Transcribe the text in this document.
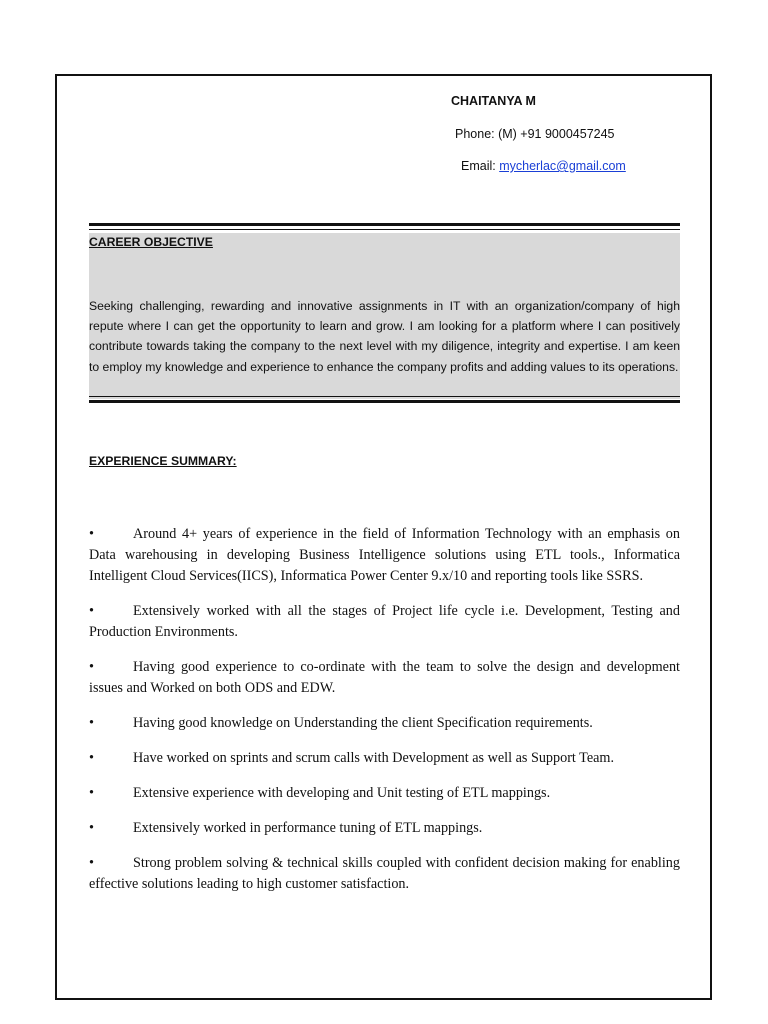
CHAITANYA M
Phone: (M) +91 9000457245
Email: mycherlac@gmail.com
CAREER OBJECTIVE
Seeking challenging, rewarding and innovative assignments in IT with an organization/company of high repute where I can get the opportunity to learn and grow. I am looking for a platform where I can positively contribute towards taking the company to the next level with my diligence, integrity and expertise. I am keen to employ my knowledge and experience to enhance the company profits and adding values to its operations.
EXPERIENCE SUMMARY:
•	Around 4+ years of experience in the field of Information Technology with an emphasis on Data warehousing in developing Business Intelligence solutions using ETL tools., Informatica Intelligent Cloud Services(IICS), Informatica Power Center 9.x/10 and reporting tools like SSRS.
•	Extensively worked with all the stages of Project life cycle i.e. Development, Testing and Production Environments.
•	Having good experience to co-ordinate with the team to solve the design and development issues and Worked on both ODS and EDW.
•	Having good knowledge on Understanding the client Specification requirements.
•	Have worked on sprints and scrum calls with Development as well as Support Team.
•	Extensive experience with developing and Unit testing of ETL mappings.
•	Extensively worked in performance tuning of ETL mappings.
•	Strong problem solving & technical skills coupled with confident decision making for enabling effective solutions leading to high customer satisfaction.
